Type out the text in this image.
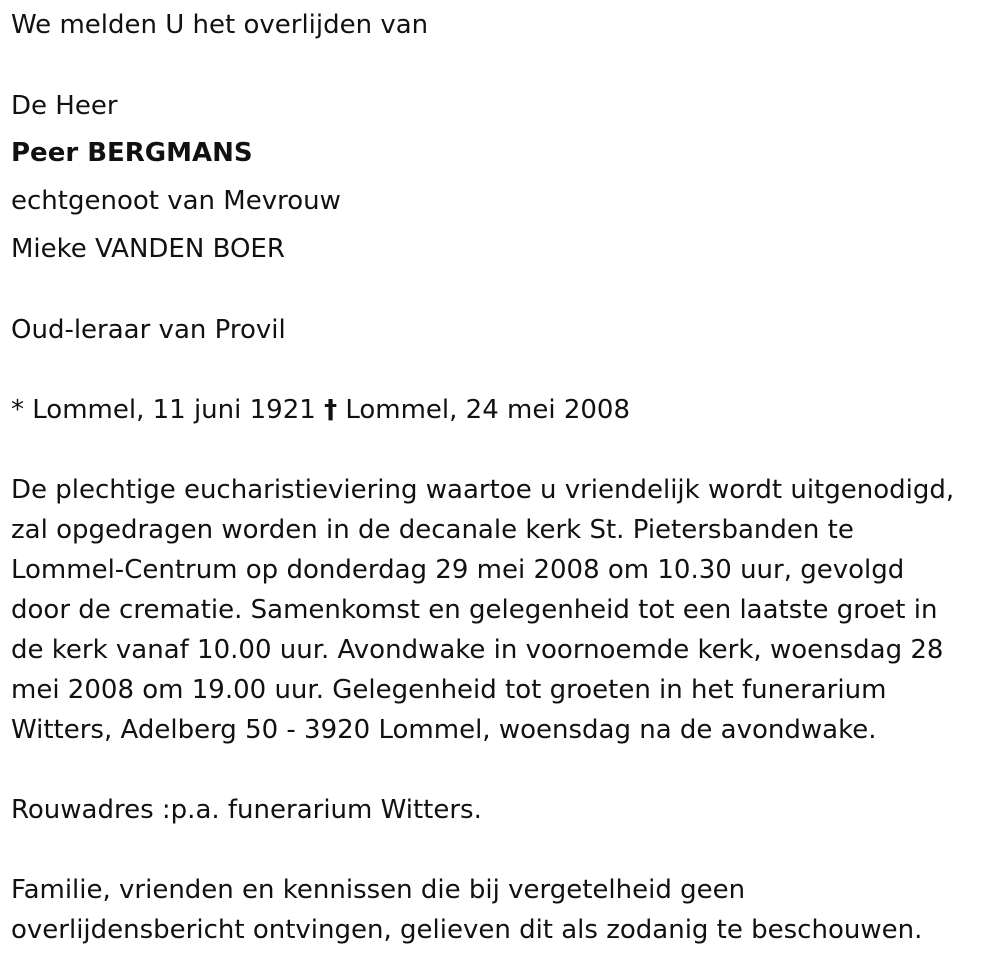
We melden U het overlijden van
De Heer
Peer BERGMANS
echtgenoot van Mevrouw
Mieke VANDEN BOER
Oud-leraar van Provil
* Lommel, 11 juni 1921 † Lommel, 24 mei 2008
De plechtige eucharistieviering waartoe u vriendelijk wordt uitgenodigd,
zal opgedragen worden in de decanale kerk St. Pietersbanden te
Lommel-Centrum op donderdag 29 mei 2008 om 10.30 uur, gevolgd
door de crematie. Samenkomst en gelegenheid tot een laatste groet in
de kerk vanaf 10.00 uur. Avondwake in voornoemde kerk, woensdag 28
mei 2008 om 19.00 uur. Gelegenheid tot groeten in het funerarium
Witters, Adelberg 50 - 3920 Lommel, woensdag na de avondwake.
Rouwadres :p.a. funerarium Witters.
Familie, vrienden en kennissen die bij vergetelheid geen
overlijdensbericht ontvingen, gelieven dit als zodanig te beschouwen.
